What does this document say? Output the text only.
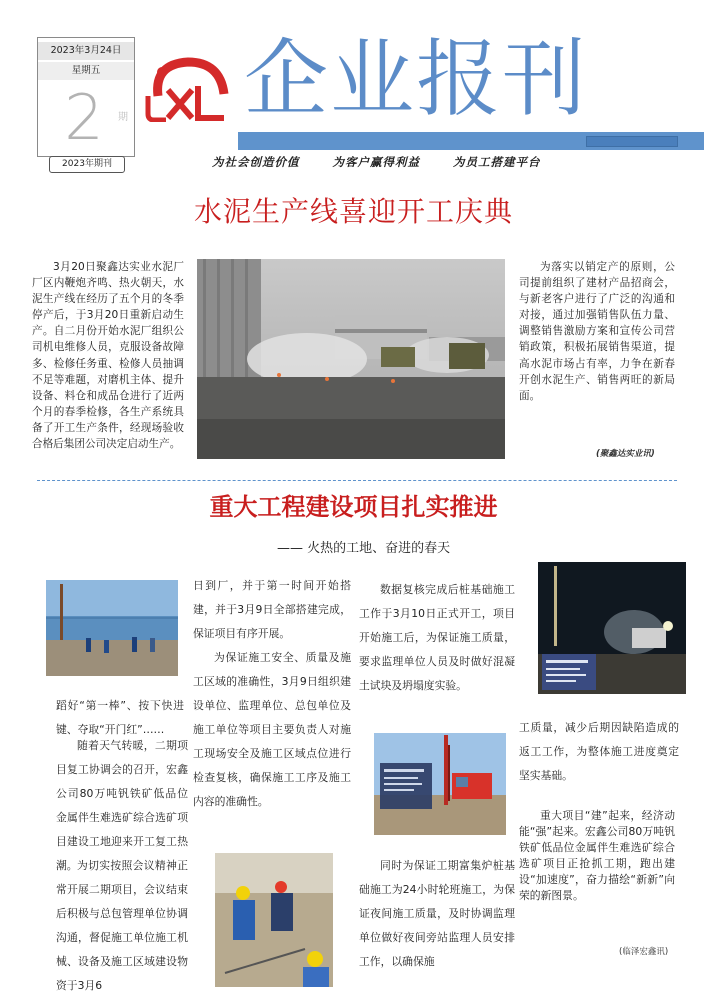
2023年3月24日
星期五
2	期
2023年期刊
企业报刊
为社会创造价值 为客户赢得利益 为员工搭建平台
水泥生产线喜迎开工庆典
3月20日聚鑫达实业水泥厂厂区内鞭炮齐鸣、热火朝天，水泥生产线在经历了五个月的冬季停产后，于3月20日重新启动生产。自二月份开始水泥厂组织公司机电维修人员，克服设备故障多、检修任务重、检修人员抽调不足等难题，对磨机主体、提升设备、料仓和成品仓进行了近两个月的春季检修，各生产系统具备了开工生产条件，经现场验收合格后集团公司决定启动生产。
为落实以销定产的原则，公司提前组织了建材产品招商会，与新老客户进行了广泛的沟通和对接，通过加强销售队伍力量、调整销售激励方案和宣传公司营销政策，积极拓展销售渠道，提高水泥市场占有率，力争在新春开创水泥生产、销售两旺的新局面。
(聚鑫达实业讯)
重大工程建设项目扎实推进
—— 火热的工地、奋进的春天
蹈好“第一棒”、按下快进键、夺取“开门红”……
随着天气转暖，二期项目复工协调会的召开，宏鑫公司80万吨钒铁矿低品位金属伴生难选矿综合选矿项目建设工地迎来开工复工热潮。 为切实按照会议精神正常开展二期项目，会议结束后积极与总包管理单位协调沟通，督促施工单位施工机械、设备及施工区域建设物资于3月6
日到厂，并于第一时间开始搭建，并于3月9日全部搭建完成，保证项目有序开展。
为保证施工安全、质量及施工区域的准确性，3月9日组织建设单位、监理单位、总包单位及施工单位等项目主要负责人对施工现场安全及施工区域点位进行检查复核，确保施工工序及施工内容的准确性。
数据复核完成后桩基础施工工作于3月10日正式开工，项目开始施工后，为保证施工质量，要求监理单位人员及时做好混凝土试块及坍塌度实验。
同时为保证工期富集炉桩基础施工为24小时轮班施工，为保证夜间施工质量，及时协调监理单位做好夜间旁站监理人员安排工作，以确保施
工质量，减少后期因缺陷造成的返工工作，为整体施工进度奠定坚实基础。
重大项目“建”起来，经济动能“强”起来。宏鑫公司80万吨钒铁矿低品位金属伴生难选矿综合选矿项目正抢抓工期，跑出建设“加速度”，奋力描绘“新新”向荣的新图景。
(临泽宏鑫讯)
